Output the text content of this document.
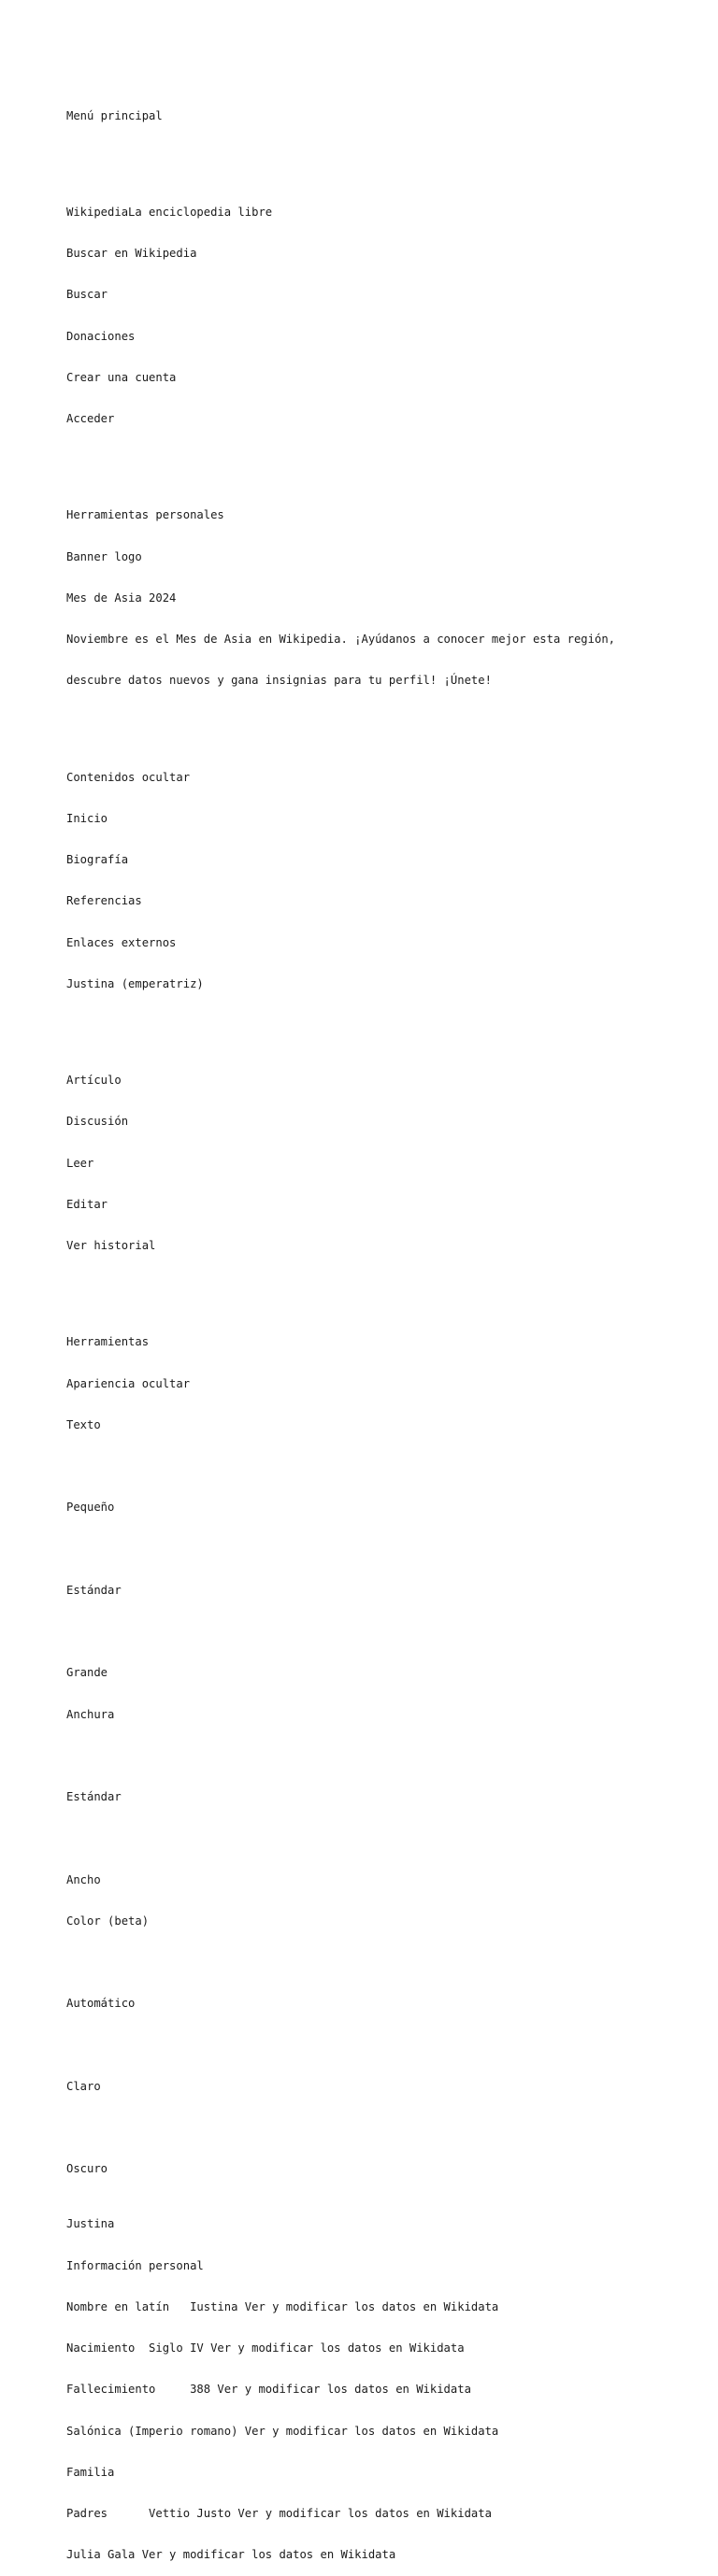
Menú principal

WikipediaLa enciclopedia libre

Buscar en Wikipedia

Buscar

Donaciones

Crear una cuenta

Acceder

Herramientas personales

Banner logo

Mes de Asia 2024

Noviembre es el Mes de Asia en Wikipedia. ¡Ayúdanos a conocer mejor esta región,

descubre datos nuevos y gana insignias para tu perfil! ¡Únete!

Contenidos ocultar

Inicio

Biografía

Referencias

Enlaces externos

Justina (emperatriz)

Artículo

Discusión

Leer

Editar

Ver historial

Herramientas

Apariencia ocultar

Texto

Pequeño

Estándar

Grande

Anchura

Estándar

Ancho

Color (beta)

Automático

Claro

Oscuro

Justina

Información personal

Nombre en latín   Iustina Ver y modificar los datos en Wikidata

Nacimiento  Siglo IV Ver y modificar los datos en Wikidata

Fallecimiento     388 Ver y modificar los datos en Wikidata

Salónica (Imperio romano) Ver y modificar los datos en Wikidata

Familia

Padres      Vettio Justo Ver y modificar los datos en Wikidata

Julia Gala Ver y modificar los datos en Wikidata
